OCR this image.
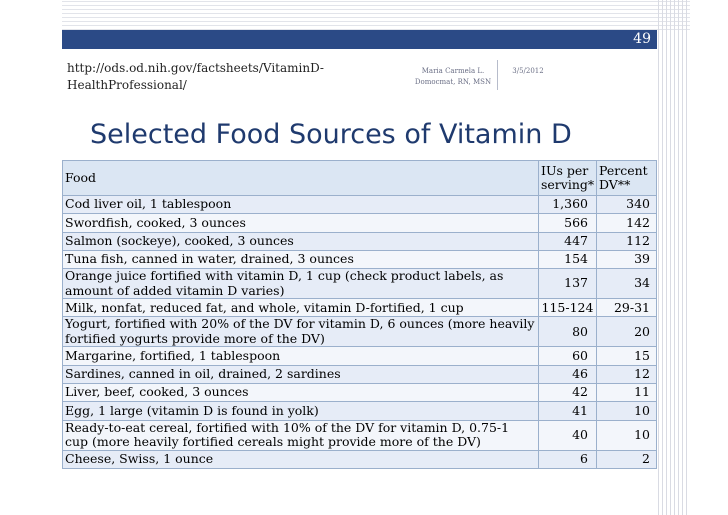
49
http://ods.od.nih.gov/factsheets/VitaminD-HealthProfessional/
Maria Carmela L. Domocmat, RN, MSN
3/5/2012
Selected Food Sources of Vitamin D
Food	IUs per serving*	Percent DV**
Cod liver oil, 1 tablespoon	1,360	340
Swordfish, cooked, 3 ounces	566	142
Salmon (sockeye), cooked, 3 ounces	447	112
Tuna fish, canned in water, drained, 3 ounces	154	39
Orange juice fortified with vitamin D, 1 cup (check product labels, as amount of added vitamin D varies)	137	34
Milk, nonfat, reduced fat, and whole, vitamin D-fortified, 1 cup	115-124	29-31
Yogurt, fortified with 20% of the DV for vitamin D, 6 ounces (more heavily fortified yogurts provide more of the DV)	80	20
Margarine, fortified, 1 tablespoon	60	15
Sardines, canned in oil, drained, 2 sardines	46	12
Liver, beef, cooked, 3 ounces	42	11
Egg, 1 large (vitamin D is found in yolk)	41	10
Ready-to-eat cereal, fortified with 10% of the DV for vitamin D, 0.75-1 cup (more heavily fortified cereals might provide more of the DV)	40	10
Cheese, Swiss, 1 ounce	6	2
